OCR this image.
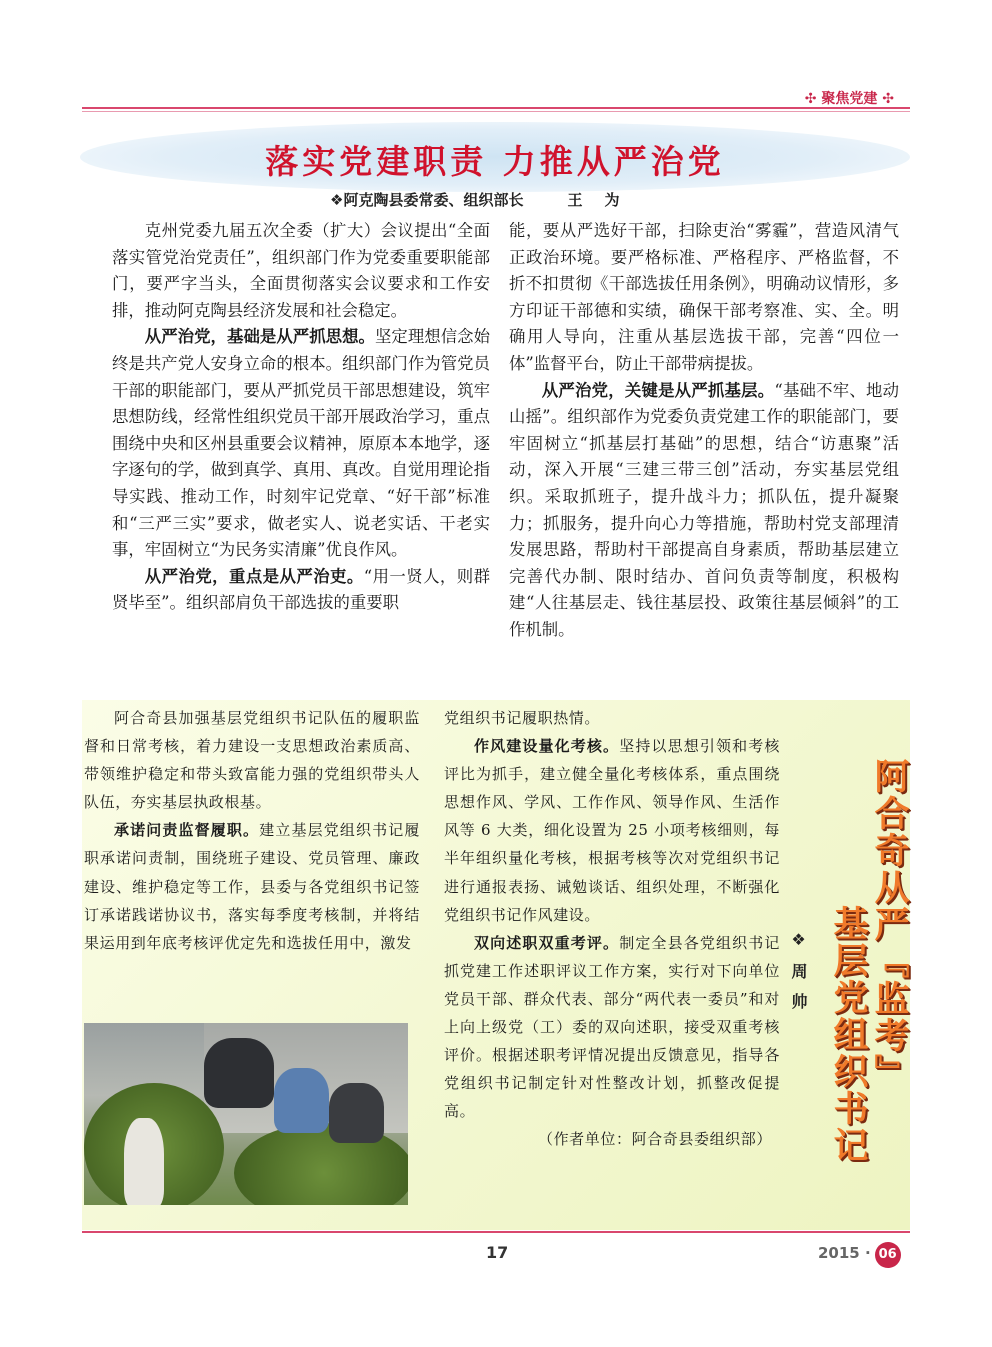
✣ 聚焦党建 ✣
落实党建职责 力推从严治党
❖阿克陶县委常委、组织部长	王为

克州党委九届五次全委（扩大）会议提出“全面落实管党治党责任”，组织部门作为党委重要职能部门，要严字当头，全面贯彻落实会议要求和工作安排，推动阿克陶县经济发展和社会稳定。

从严治党，基础是从严抓思想。坚定理想信念始终是共产党人安身立命的根本。组织部门作为管党员干部的职能部门，要从严抓党员干部思想建设，筑牢思想防线，经常性组织党员干部开展政治学习，重点围绕中央和区州县重要会议精神，原原本本地学，逐字逐句的学，做到真学、真用、真改。自觉用理论指导实践、推动工作，时刻牢记党章、“好干部”标准和“三严三实”要求，做老实人、说老实话、干老实事，牢固树立“为民务实清廉”优良作风。

从严治党，重点是从严治吏。“用一贤人，则群贤毕至”。组织部肩负干部选拔的重要职

能，要从严选好干部，扫除吏治“雾霾”，营造风清气正政治环境。要严格标准、严格程序、严格监督，不折不扣贯彻《干部选拔任用条例》，明确动议情形，多方印证干部德和实绩，确保干部考察准、实、全。明确用人导向，注重从基层选拔干部，完善“四位一体”监督平台，防止干部带病提拔。

从严治党，关键是从严抓基层。“基础不牢、地动山摇”。组织部作为党委负责党建工作的职能部门，要牢固树立“抓基层打基础”的思想，结合“访惠聚”活动，深入开展“三建三带三创”活动，夯实基层党组织。采取抓班子，提升战斗力；抓队伍，提升凝聚力；抓服务，提升向心力等措施，帮助村党支部理清发展思路，帮助村干部提高自身素质，帮助基层建立完善代办制、限时结办、首问负责等制度，积极构建“人往基层走、钱往基层投、政策往基层倾斜”的工作机制。

阿合奇县加强基层党组织书记队伍的履职监督和日常考核，着力建设一支思想政治素质高、带领维护稳定和带头致富能力强的党组织带头人队伍，夯实基层执政根基。

承诺问责监督履职。建立基层党组织书记履职承诺问责制，围绕班子建设、党员管理、廉政建设、维护稳定等工作，县委与各党组织书记签订承诺践诺协议书，落实每季度考核制，并将结果运用到年底考核评优定先和选拔任用中，激发

党组织书记履职热情。

作风建设量化考核。坚持以思想引领和考核评比为抓手，建立健全量化考核体系，重点围绕思想作风、学风、工作作风、领导作风、生活作风等 6 大类，细化设置为 25 小项考核细则，每半年组织量化考核，根据考核等次对党组织书记进行通报表扬、诫勉谈话、组织处理，不断强化党组织书记作风建设。

双向述职双重考评。制定全县各党组织书记抓党建工作述职评议工作方案，实行对下向单位党员干部、群众代表、部分“两代表一委员”和对上向上级党（工）委的双向述职，接受双重考核评价。根据述职考评情况提出反馈意见，指导各党组织书记制定针对性整改计划，抓整改促提高。

（作者单位：阿合奇县委组织部）

阿合奇从严『监考』
基层党组织书记
❖周帅
17	2015 · 06
